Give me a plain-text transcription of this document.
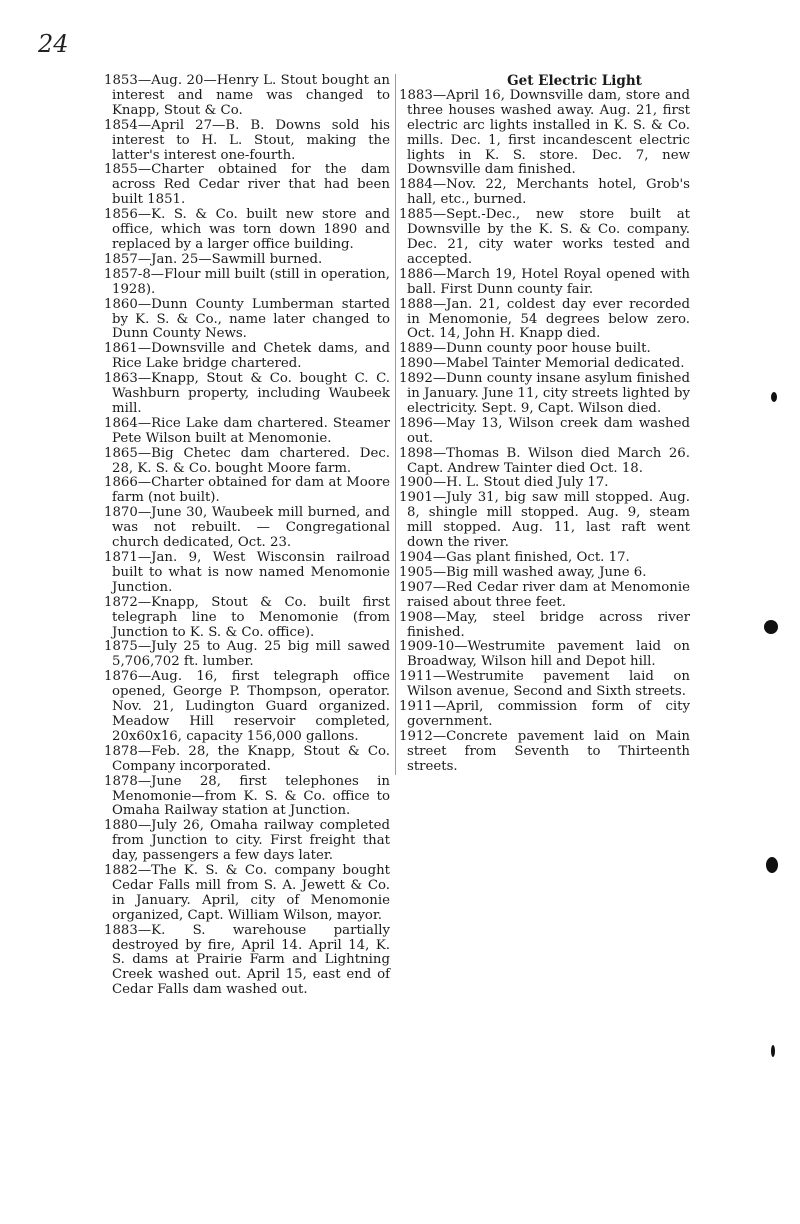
24

1853—Aug. 20—Henry L. Stout bought an interest and name was changed to Knapp, Stout & Co.

1854—April 27—B. B. Downs sold his interest to H. L. Stout, making the latter's interest one-fourth.

1855—Charter obtained for the dam across Red Cedar river that had been built 1851.

1856—K. S. & Co. built new store and office, which was torn down 1890 and replaced by a larger office building.

1857—Jan. 25—Sawmill burned.

1857-8—Flour mill built (still in operation, 1928).

1860—Dunn County Lumberman started by K. S. & Co., name later changed to Dunn County News.

1861—Downsville and Chetek dams, and Rice Lake bridge chartered.

1863—Knapp, Stout & Co. bought C. C. Washburn property, including Waubeek mill.

1864—Rice Lake dam chartered. Steamer Pete Wilson built at Menomonie.

1865—Big Chetec dam chartered. Dec. 28, K. S. & Co. bought Moore farm.

1866—Charter obtained for dam at Moore farm (not built).

1870—June 30, Waubeek mill burned, and was not rebuilt. — Congregational church dedicated, Oct. 23.

1871—Jan. 9, West Wisconsin railroad built to what is now named Menomonie Junction.

1872—Knapp, Stout & Co. built first telegraph line to Menomonie (from Junction to K. S. & Co. office).

1875—July 25 to Aug. 25 big mill sawed 5,706,702 ft. lumber.

1876—Aug. 16, first telegraph office opened, George P. Thompson, operator. Nov. 21, Ludington Guard organized. Meadow Hill reservoir completed, 20x60x16, capacity 156,000 gallons.

1878—Feb. 28, the Knapp, Stout & Co. Company incorporated.

1878—June 28, first telephones in Menomonie—from K. S. & Co. office to Omaha Railway station at Junction.

1880—July 26, Omaha railway completed from Junction to city. First freight that day, passengers a few days later.

1882—The K. S. & Co. company bought Cedar Falls mill from S. A. Jewett & Co. in January. April, city of Menomonie organized, Capt. William Wilson, mayor.

1883—K. S. warehouse partially destroyed by fire, April 14. April 14, K. S. dams at Prairie Farm and Lightning Creek washed out. April 15, east end of Cedar Falls dam washed out.

Get Electric Light

1883—April 16, Downsville dam, store and three houses washed away. Aug. 21, first electric arc lights installed in K. S. & Co. mills. Dec. 1, first incandescent electric lights in K. S. store. Dec. 7, new Downsville dam finished.

1884—Nov. 22, Merchants hotel, Grob's hall, etc., burned.

1885—Sept.-Dec., new store built at Downsville by the K. S. & Co. company. Dec. 21, city water works tested and accepted.

1886—March 19, Hotel Royal opened with ball. First Dunn county fair.

1888—Jan. 21, coldest day ever recorded in Menomonie, 54 degrees below zero. Oct. 14, John H. Knapp died.

1889—Dunn county poor house built.

1890—Mabel Tainter Memorial dedicated.

1892—Dunn county insane asylum finished in January. June 11, city streets lighted by electricity. Sept. 9, Capt. Wilson died.

1896—May 13, Wilson creek dam washed out.

1898—Thomas B. Wilson died March 26. Capt. Andrew Tainter died Oct. 18.

1900—H. L. Stout died July 17.

1901—July 31, big saw mill stopped. Aug. 8, shingle mill stopped. Aug. 9, steam mill stopped. Aug. 11, last raft went down the river.

1904—Gas plant finished, Oct. 17.

1905—Big mill washed away, June 6.

1907—Red Cedar river dam at Menomonie raised about three feet.

1908—May, steel bridge across river finished.

1909-10—Westrumite pavement laid on Broadway, Wilson hill and Depot hill.

1911—Westrumite pavement laid on Wilson avenue, Second and Sixth streets.

1911—April, commission form of city government.

1912—Concrete pavement laid on Main street from Seventh to Thirteenth streets.
